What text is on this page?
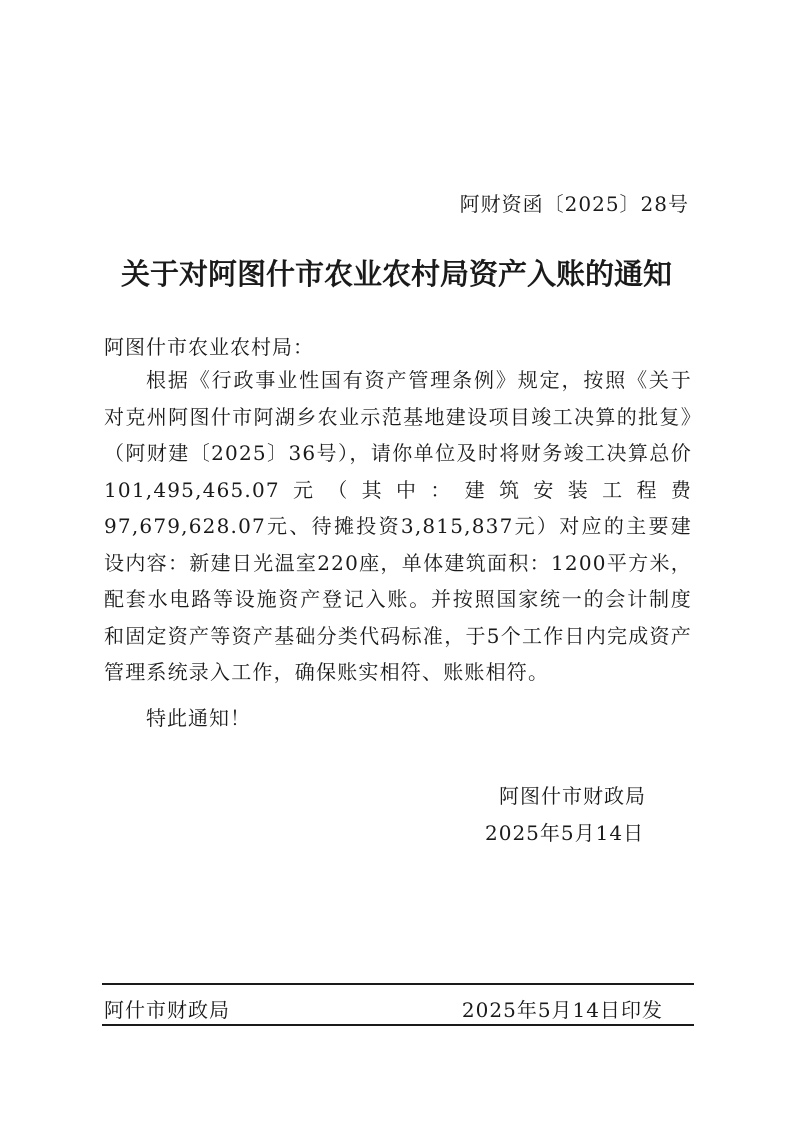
阿财资函〔2025〕28号
关于对阿图什市农业农村局资产入账的通知
阿图什市农业农村局：

根据《行政事业性国有资产管理条例》规定，按照《关于对克州阿图什市阿湖乡农业示范基地建设项目竣工决算的批复》（阿财建〔2025〕36号），请你单位及时将财务竣工决算总价101,495,465.07元（其中：建筑安装工程费97,679,628.07元、待摊投资3,815,837元）对应的主要建设内容：新建日光温室220座，单体建筑面积：1200平方米，配套水电路等设施资产登记入账。并按照国家统一的会计制度和固定资产等资产基础分类代码标准，于5个工作日内完成资产管理系统录入工作，确保账实相符、账账相符。

特此通知！
阿图什市财政局
2025年5月14日
阿什市财政局	2025年5月14日印发
